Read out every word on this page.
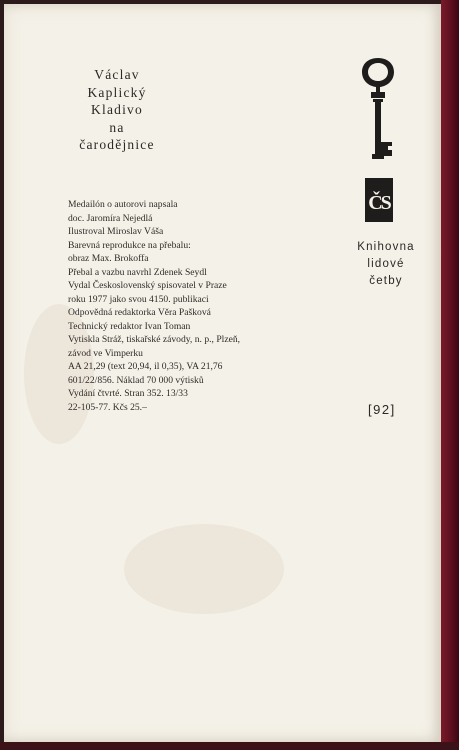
Václav
Kaplický
Kladivo
na
čarodějnice
Medailón o autorovi napsala
doc. Jaromíra Nejedlá
Ilustroval Miroslav Váša
Barevná reprodukce na přebalu:
obraz Max. Brokoffa
Přebal a vazbu navrhl Zdenek Seydl
Vydal Československý spisovatel v Praze
roku 1977 jako svou 4150. publikaci
Odpovědná redaktorka Věra Pašková
Technický redaktor Ivan Toman
Vytiskla Stráž, tiskařské závody, n. p., Plzeň,
závod ve Vimperku
AA 21,29 (text 20,94, il 0,35), VA 21,76
601/22/856. Náklad 70 000 výtisků
Vydání čtvrté. Stran 352. 13/33
22-105-77. Kčs 25.–
ČS
Knihovna
lidové
četby
[92]
